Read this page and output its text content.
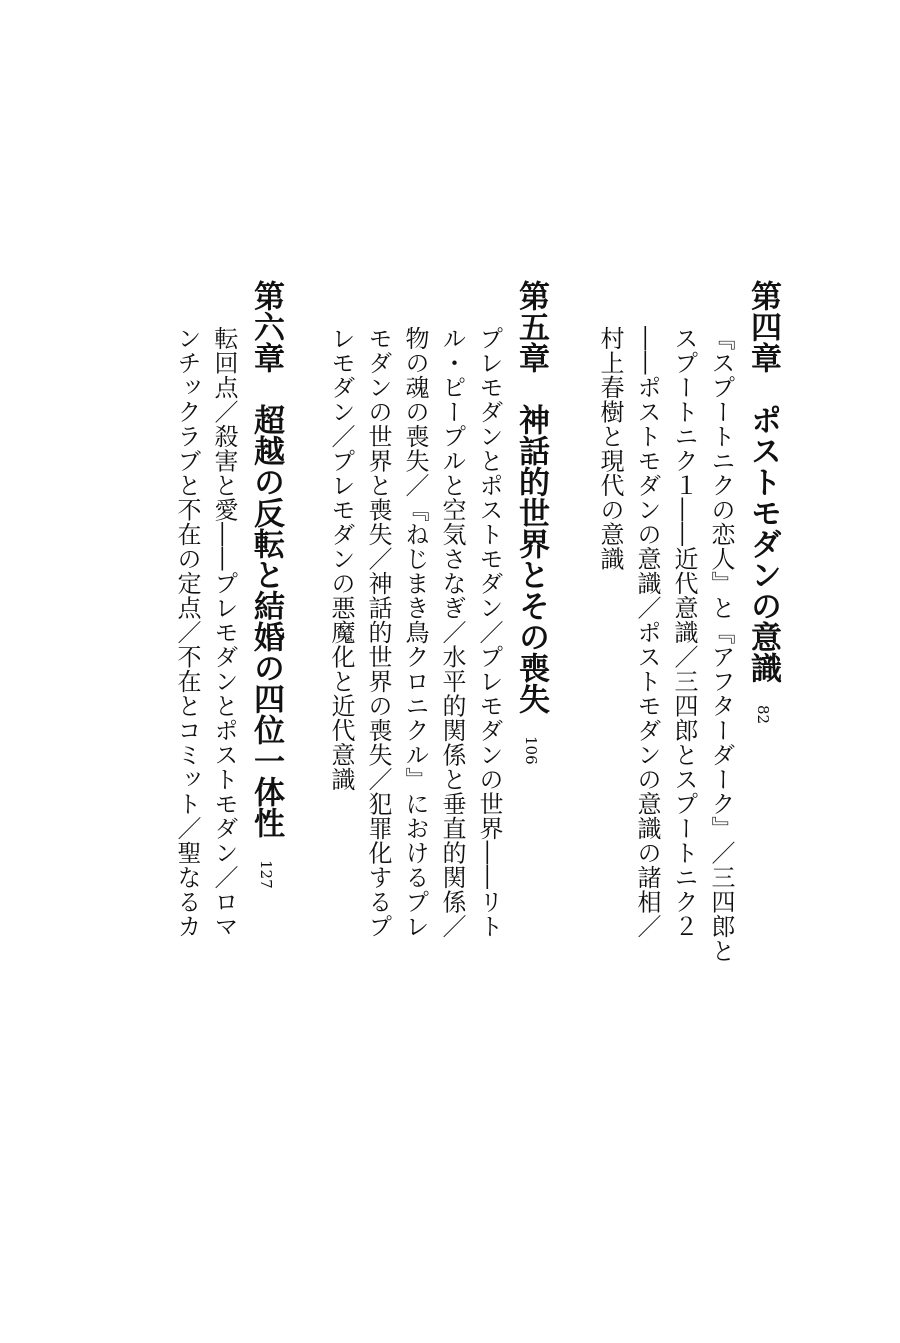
第四章　ポストモダンの意識82
『スプートニクの恋人』と『アフターダーク』／三四郎と
スプートニク１――近代意識／三四郎とスプートニク２
――ポストモダンの意識／ポストモダンの意識の諸相／
村上春樹と現代の意識
第五章　神話的世界とその喪失106
プレモダンとポストモダン／プレモダンの世界――リト
ル・ピープルと空気さなぎ／水平的関係と垂直的関係／
物の魂の喪失／『ねじまき鳥クロニクル』におけるプレ
モダンの世界と喪失／神話的世界の喪失／犯罪化するプ
レモダン／プレモダンの悪魔化と近代意識
第六章　超越の反転と結婚の四位一体性127
転回点／殺害と愛――プレモダンとポストモダン／ロマ
ンチックラブと不在の定点／不在とコミット／聖なるカ
